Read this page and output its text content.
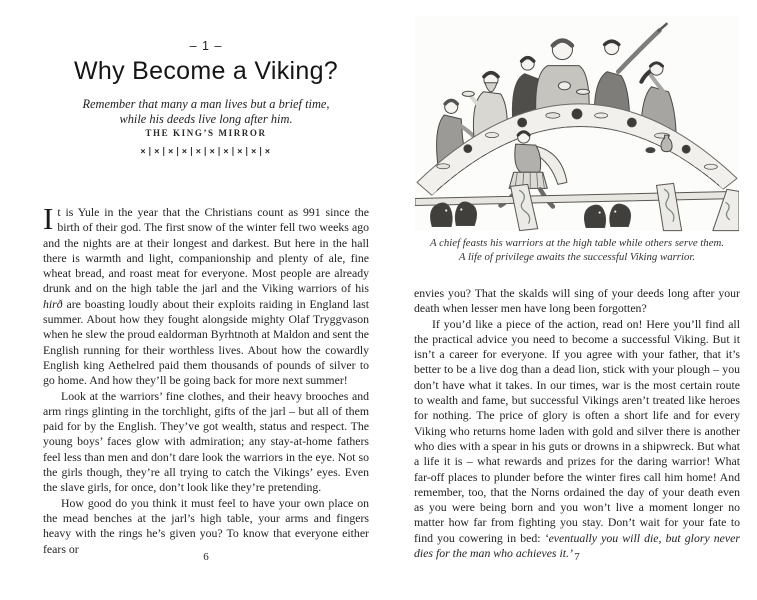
– 1 –
Why Become a Viking?
Remember that many a man lives but a brief time,
while his deeds live long after him.
THE KING’S MIRROR
×|×|×|×|×|×|×|×|×|×

It is Yule in the year that the Christians count as 991 since the birth of their god. The first snow of the winter fell two weeks ago and the nights are at their longest and darkest. But here in the hall there is warmth and light, companionship and plenty of ale, fine wheat bread, and roast meat for everyone. Most people are already drunk and on the high table the jarl and the Viking warriors of his hirð are boasting loudly about their exploits raiding in England last summer. About how they fought alongside mighty Olaf Tryggvason when he slew the proud ealdorman Byrhtnoth at Maldon and sent the English running for their worthless lives. About how the cowardly English king Aethelred paid them thousands of pounds of silver to go home. And how they’ll be going back for more next summer!

Look at the warriors’ fine clothes, and their heavy brooches and arm rings glinting in the torchlight, gifts of the jarl – but all of them paid for by the English. They’ve got wealth, status and respect. The young boys’ faces glow with admiration; any stay-at-home fathers feel less than men and don’t dare look the warriors in the eye. Not so the girls though, they’re all trying to catch the Vikings’ eyes. Even the slave girls, for once, don’t look like they’re pretending.

How good do you think it must feel to have your own place on the mead benches at the jarl’s high table, your arms and fingers heavy with the rings he’s given you? To know that everyone either fears or

6
A chief feasts his warriors at the high table while others serve them.
A life of privilege awaits the successful Viking warrior.

envies you? That the skalds will sing of your deeds long after your death when lesser men have long been forgotten?

If you’d like a piece of the action, read on! Here you’ll find all the practical advice you need to become a successful Viking. But it isn’t a career for everyone. If you agree with your father, that it’s better to be a live dog than a dead lion, stick with your plough – you don’t have what it takes. In our times, war is the most certain route to wealth and fame, but successful Vikings aren’t treated like heroes for nothing. The price of glory is often a short life and for every Viking who returns home laden with gold and silver there is another who dies with a spear in his guts or drowns in a shipwreck. But what a life it is – what rewards and prizes for the daring warrior! What far-off places to plunder before the winter fires call him home! And remember, too, that the Norns ordained the day of your death even as you were being born and you won’t live a moment longer no matter how far from fighting you stay. Don’t wait for your fate to find you cowering in bed: ‘eventually you will die, but glory never dies for the man who achieves it.’ 7
